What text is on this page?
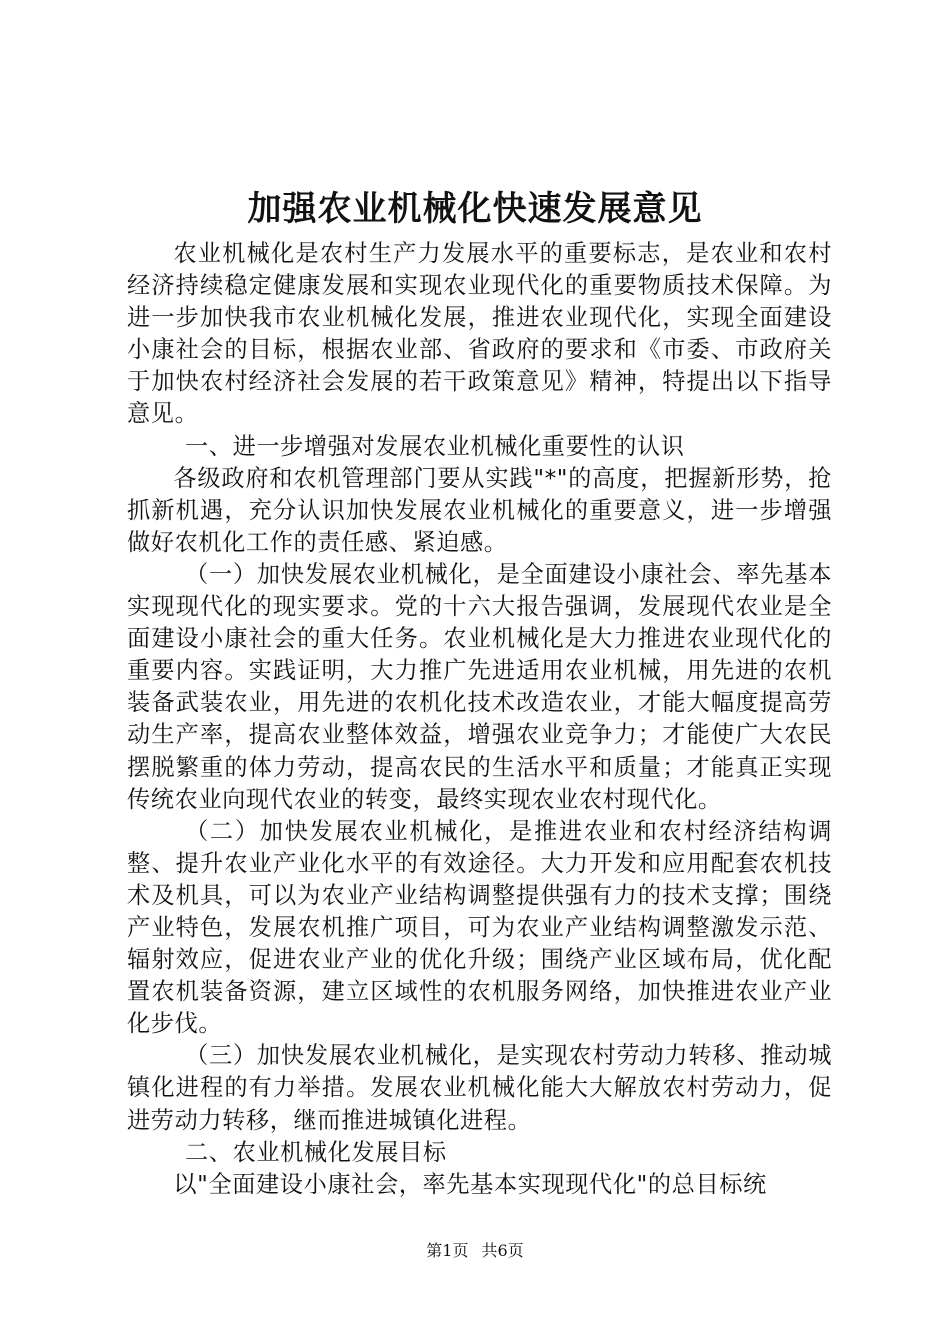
加强农业机械化快速发展意见

农业机械化是农村生产力发展水平的重要标志，是农业和农村经济持续稳定健康发展和实现农业现代化的重要物质技术保障。为进一步加快我市农业机械化发展，推进农业现代化，实现全面建设小康社会的目标，根据农业部、省政府的要求和《市委、市政府关于加快农村经济社会发展的若干政策意见》精神，特提出以下指导意见。

一、进一步增强对发展农业机械化重要性的认识

各级政府和农机管理部门要从实践"*"的高度，把握新形势，抢抓新机遇，充分认识加快发展农业机械化的重要意义，进一步增强做好农机化工作的责任感、紧迫感。

（一）加快发展农业机械化，是全面建设小康社会、率先基本实现现代化的现实要求。党的十六大报告强调，发展现代农业是全面建设小康社会的重大任务。农业机械化是大力推进农业现代化的重要内容。实践证明，大力推广先进适用农业机械，用先进的农机装备武装农业，用先进的农机化技术改造农业，才能大幅度提高劳动生产率，提高农业整体效益，增强农业竞争力；才能使广大农民摆脱繁重的体力劳动，提高农民的生活水平和质量；才能真正实现传统农业向现代农业的转变，最终实现农业农村现代化。

（二）加快发展农业机械化，是推进农业和农村经济结构调整、提升农业产业化水平的有效途径。大力开发和应用配套农机技术及机具，可以为农业产业结构调整提供强有力的技术支撑；围绕产业特色，发展农机推广项目，可为农业产业结构调整激发示范、辐射效应，促进农业产业的优化升级；围绕产业区域布局，优化配置农机装备资源，建立区域性的农机服务网络，加快推进农业产业化步伐。

（三）加快发展农业机械化，是实现农村劳动力转移、推动城镇化进程的有力举措。发展农业机械化能大大解放农村劳动力，促进劳动力转移，继而推进城镇化进程。

二、农业机械化发展目标

以"全面建设小康社会，率先基本实现现代化"的总目标统

第1页 共6页
